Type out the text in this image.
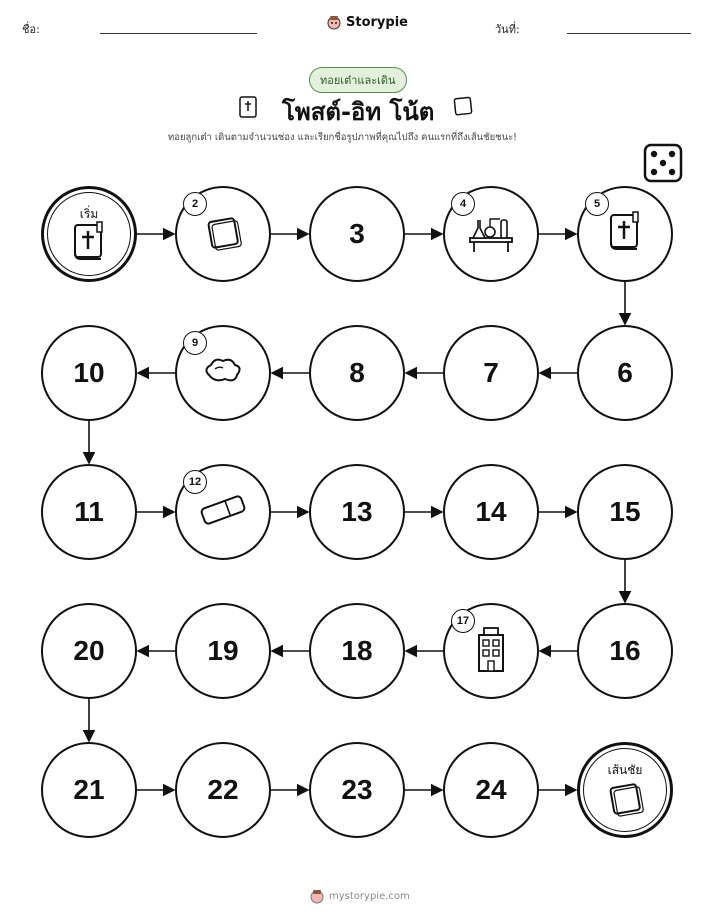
ชื่อ:	Storypie	วันที่:
ทอยเต๋าและเดิน
โพสต์-อิท โน้ต
ทอยลูกเต๋า เดินตามจำนวนช่อง และเรียกชื่อรูปภาพที่คุณไปถึง คนแรกที่ถึงเส้นชัยชนะ!
เริ่ม
2
3
4	5
6
7
8
9
10
11
12
13	14	15
16
17
18
19
20
21	22	23	24
เส้นชัย
mystorypie.com
